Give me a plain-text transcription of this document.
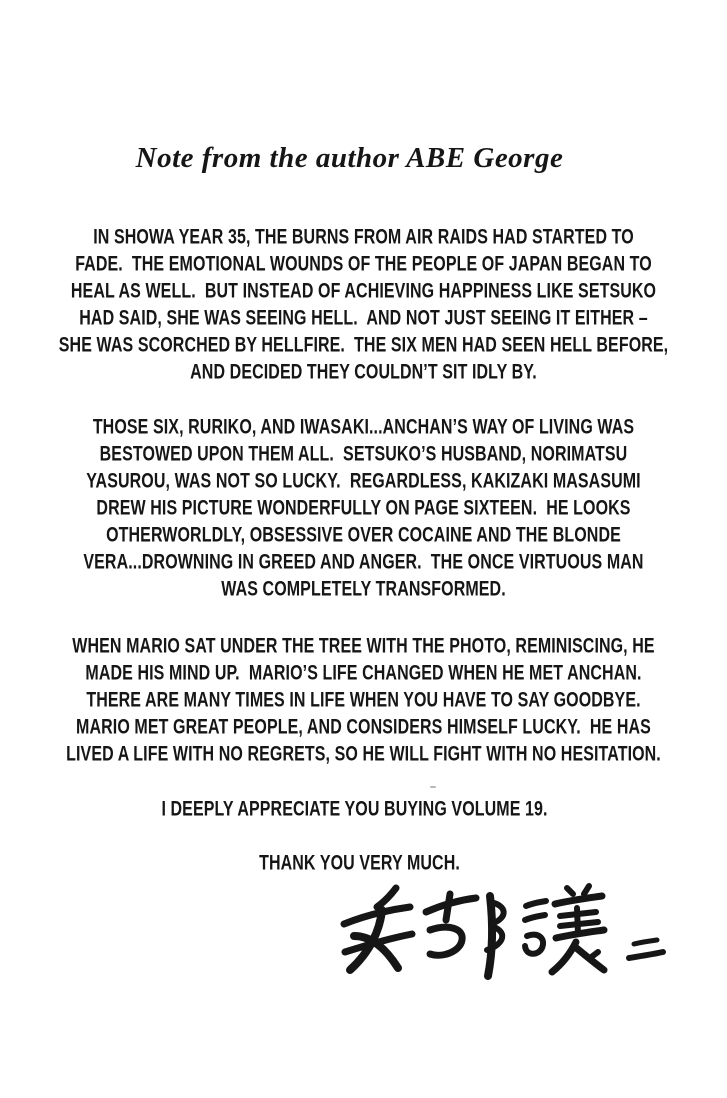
Note from the author ABE George
IN SHOWA YEAR 35, THE BURNS FROM AIR RAIDS HAD STARTED TO
FADE.  THE EMOTIONAL WOUNDS OF THE PEOPLE OF JAPAN BEGAN TO
HEAL AS WELL.  BUT INSTEAD OF ACHIEVING HAPPINESS LIKE SETSUKO
HAD SAID, SHE WAS SEEING HELL.  AND NOT JUST SEEING IT EITHER –
SHE WAS SCORCHED BY HELLFIRE.  THE SIX MEN HAD SEEN HELL BEFORE,
AND DECIDED THEY COULDN’T SIT IDLY BY.
THOSE SIX, RURIKO, AND IWASAKI...ANCHAN’S WAY OF LIVING WAS
BESTOWED UPON THEM ALL.  SETSUKO’S HUSBAND, NORIMATSU
YASUROU, WAS NOT SO LUCKY.  REGARDLESS, KAKIZAKI MASASUMI
DREW HIS PICTURE WONDERFULLY ON PAGE SIXTEEN.  HE LOOKS
OTHERWORLDLY, OBSESSIVE OVER COCAINE AND THE BLONDE
VERA...DROWNING IN GREED AND ANGER.  THE ONCE VIRTUOUS MAN
WAS COMPLETELY TRANSFORMED.
WHEN MARIO SAT UNDER THE TREE WITH THE PHOTO, REMINISCING, HE
MADE HIS MIND UP.  MARIO’S LIFE CHANGED WHEN HE MET ANCHAN.
THERE ARE MANY TIMES IN LIFE WHEN YOU HAVE TO SAY GOODBYE.
MARIO MET GREAT PEOPLE, AND CONSIDERS HIMSELF LUCKY.  HE HAS
LIVED A LIFE WITH NO REGRETS, SO HE WILL FIGHT WITH NO HESITATION.
I DEEPLY APPRECIATE YOU BUYING VOLUME 19.
THANK YOU VERY MUCH.
